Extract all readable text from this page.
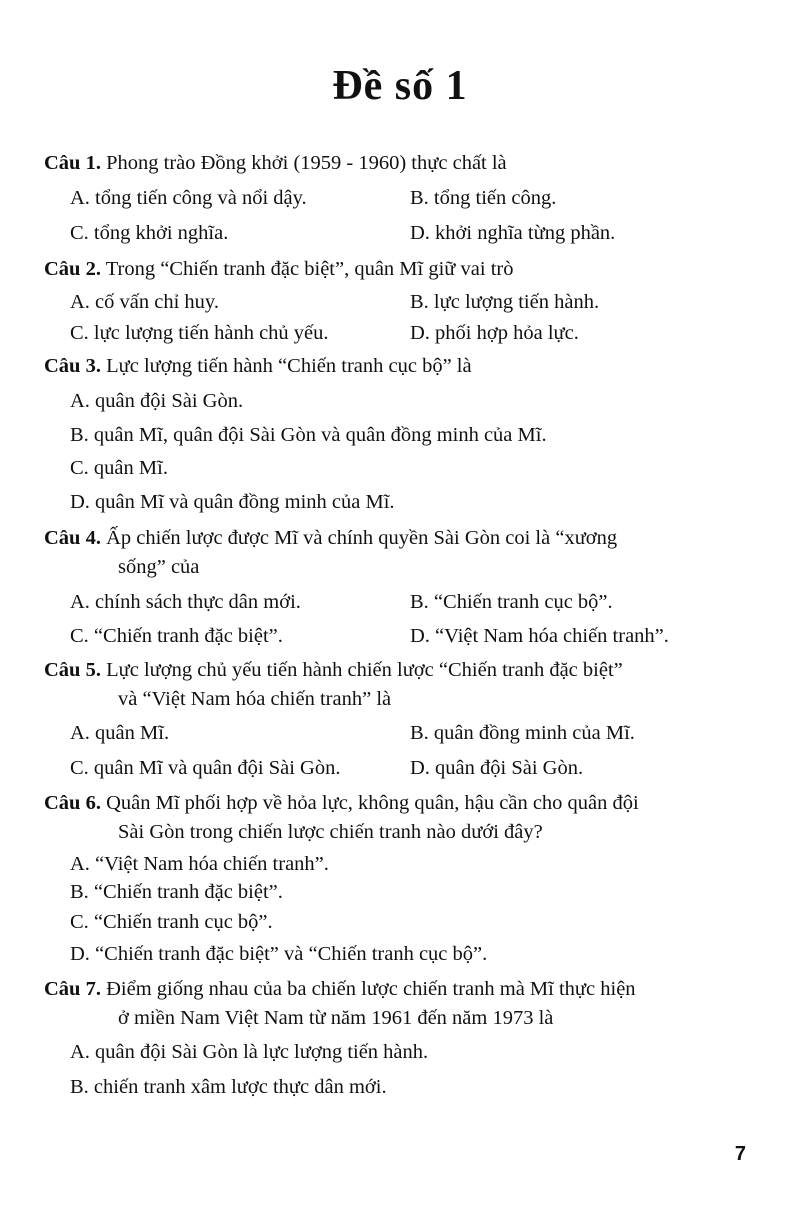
Đề số 1
Câu 1. Phong trào Đồng khởi (1959 - 1960) thực chất là
A. tổng tiến công và nổi dậy.	B. tổng tiến công.
C. tổng khởi nghĩa.	D. khởi nghĩa từng phần.
Câu 2. Trong “Chiến tranh đặc biệt”, quân Mĩ giữ vai trò
A. cố vấn chỉ huy.	B. lực lượng tiến hành.
C. lực lượng tiến hành chủ yếu.	D. phối hợp hỏa lực.
Câu 3. Lực lượng tiến hành “Chiến tranh cục bộ” là
A. quân đội Sài Gòn.
B. quân Mĩ, quân đội Sài Gòn và quân đồng minh của Mĩ.
C. quân Mĩ.
D. quân Mĩ và quân đồng minh của Mĩ.
Câu 4. Ấp chiến lược được Mĩ và chính quyền Sài Gòn coi là “xương
sống” của
A. chính sách thực dân mới.	B. “Chiến tranh cục bộ”.
C. “Chiến tranh đặc biệt”.	D. “Việt Nam hóa chiến tranh”.
Câu 5. Lực lượng chủ yếu tiến hành chiến lược “Chiến tranh đặc biệt”
và “Việt Nam hóa chiến tranh” là
A. quân Mĩ.	B. quân đồng minh của Mĩ.
C. quân Mĩ và quân đội Sài Gòn.	D. quân đội Sài Gòn.
Câu 6. Quân Mĩ phối hợp về hỏa lực, không quân, hậu cần cho quân đội
Sài Gòn trong chiến lược chiến tranh nào dưới đây?
A. “Việt Nam hóa chiến tranh”.
B. “Chiến tranh đặc biệt”.
C. “Chiến tranh cục bộ”.
D. “Chiến tranh đặc biệt” và “Chiến tranh cục bộ”.
Câu 7. Điểm giống nhau của ba chiến lược chiến tranh mà Mĩ thực hiện
ở miền Nam Việt Nam từ năm 1961 đến năm 1973 là
A. quân đội Sài Gòn là lực lượng tiến hành.
B. chiến tranh xâm lược thực dân mới.
7
